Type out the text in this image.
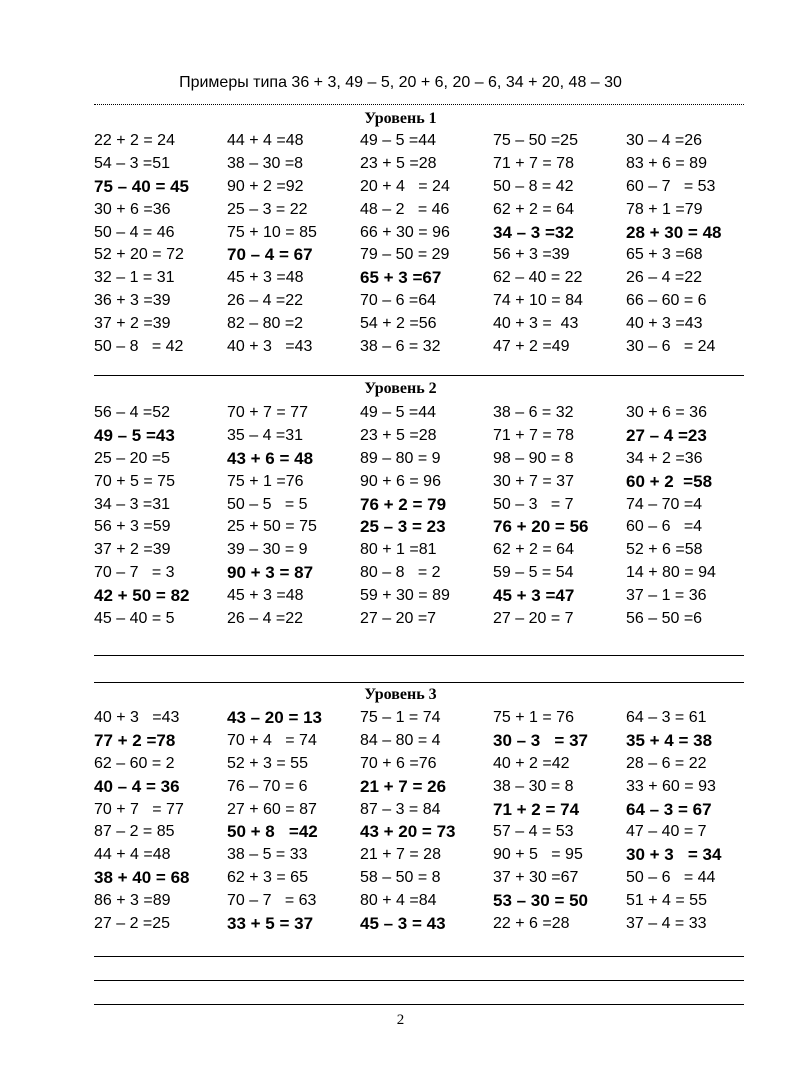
Примеры типа 36 + 3, 49 – 5, 20 + 6, 20 – 6, 34 + 20, 48 – 30
Уровень 1
22 + 2 = 24	44 + 4 =48	49 – 5 =44	75 – 50 =25	30 – 4 =26
54 – 3 =51	38 – 30 =8	23 + 5 =28	71 + 7 = 78	83 + 6 = 89
75 – 40 = 45	90 + 2 =92	20 + 4   = 24	50 – 8 = 42	60 – 7   = 53
30 + 6 =36	25 – 3 = 22	48 – 2   = 46	62 + 2 = 64	78 + 1 =79
50 – 4 = 46	75 + 10 = 85	66 + 30 = 96	34 – 3 =32	28 + 30 = 48
52 + 20 = 72	70 – 4 = 67	79 – 50 = 29	56 + 3 =39	65 + 3 =68
32 – 1 = 31	45 + 3 =48	65 + 3 =67	62 – 40 = 22	26 – 4 =22
36 + 3 =39	26 – 4 =22	70 – 6 =64	74 + 10 = 84	66 – 60 = 6
37 + 2 =39	82 – 80 =2	54 + 2 =56	40 + 3 =  43	40 + 3 =43
50 – 8   = 42	40 + 3   =43	38 – 6 = 32	47 + 2 =49	30 – 6   = 24
Уровень 2
56 – 4 =52	70 + 7 = 77	49 – 5 =44	38 – 6 = 32	30 + 6 = 36
49 – 5 =43	35 – 4 =31	23 + 5 =28	71 + 7 = 78	27 – 4 =23
25 – 20 =5	43 + 6 = 48	89 – 80 = 9	98 – 90 = 8	34 + 2 =36
70 + 5 = 75	75 + 1 =76	90 + 6 = 96	30 + 7 = 37	60 + 2  =58
34 – 3 =31	50 – 5   = 5	76 + 2 = 79	50 – 3   = 7	74 – 70 =4
56 + 3 =59	25 + 50 = 75	25 – 3 = 23	76 + 20 = 56	60 – 6   =4
37 + 2 =39	39 – 30 = 9	80 + 1 =81	62 + 2 = 64	52 + 6 =58
70 – 7   = 3	90 + 3 = 87	80 – 8   = 2	59 – 5 = 54	14 + 80 = 94
42 + 50 = 82	45 + 3 =48	59 + 30 = 89	45 + 3 =47	37 – 1 = 36
45 – 40 = 5	26 – 4 =22	27 – 20 =7	27 – 20 = 7	56 – 50 =6
Уровень 3
40 + 3   =43	43 – 20 = 13	75 – 1 = 74	75 + 1 = 76	64 – 3 = 61
77 + 2 =78	70 + 4   = 74	84 – 80 = 4	30 – 3   = 37	35 + 4 = 38
62 – 60 = 2	52 + 3 = 55	70 + 6 =76	40 + 2 =42	28 – 6 = 22
40 – 4 = 36	76 – 70 = 6	21 + 7 = 26	38 – 30 = 8	33 + 60 = 93
70 + 7   = 77	27 + 60 = 87	87 – 3 = 84	71 + 2 = 74	64 – 3 = 67
87 – 2 = 85	50 + 8   =42	43 + 20 = 73	57 – 4 = 53	47 – 40 = 7
44 + 4 =48	38 – 5 = 33	21 + 7 = 28	90 + 5   = 95	30 + 3   = 34
38 + 40 = 68	62 + 3 = 65	58 – 50 = 8	37 + 30 =67	50 – 6   = 44
86 + 3 =89	70 – 7   = 63	80 + 4 =84	53 – 30 = 50	51 + 4 = 55
27 – 2 =25	33 + 5 = 37	45 – 3 = 43	22 + 6 =28	37 – 4 = 33
2
